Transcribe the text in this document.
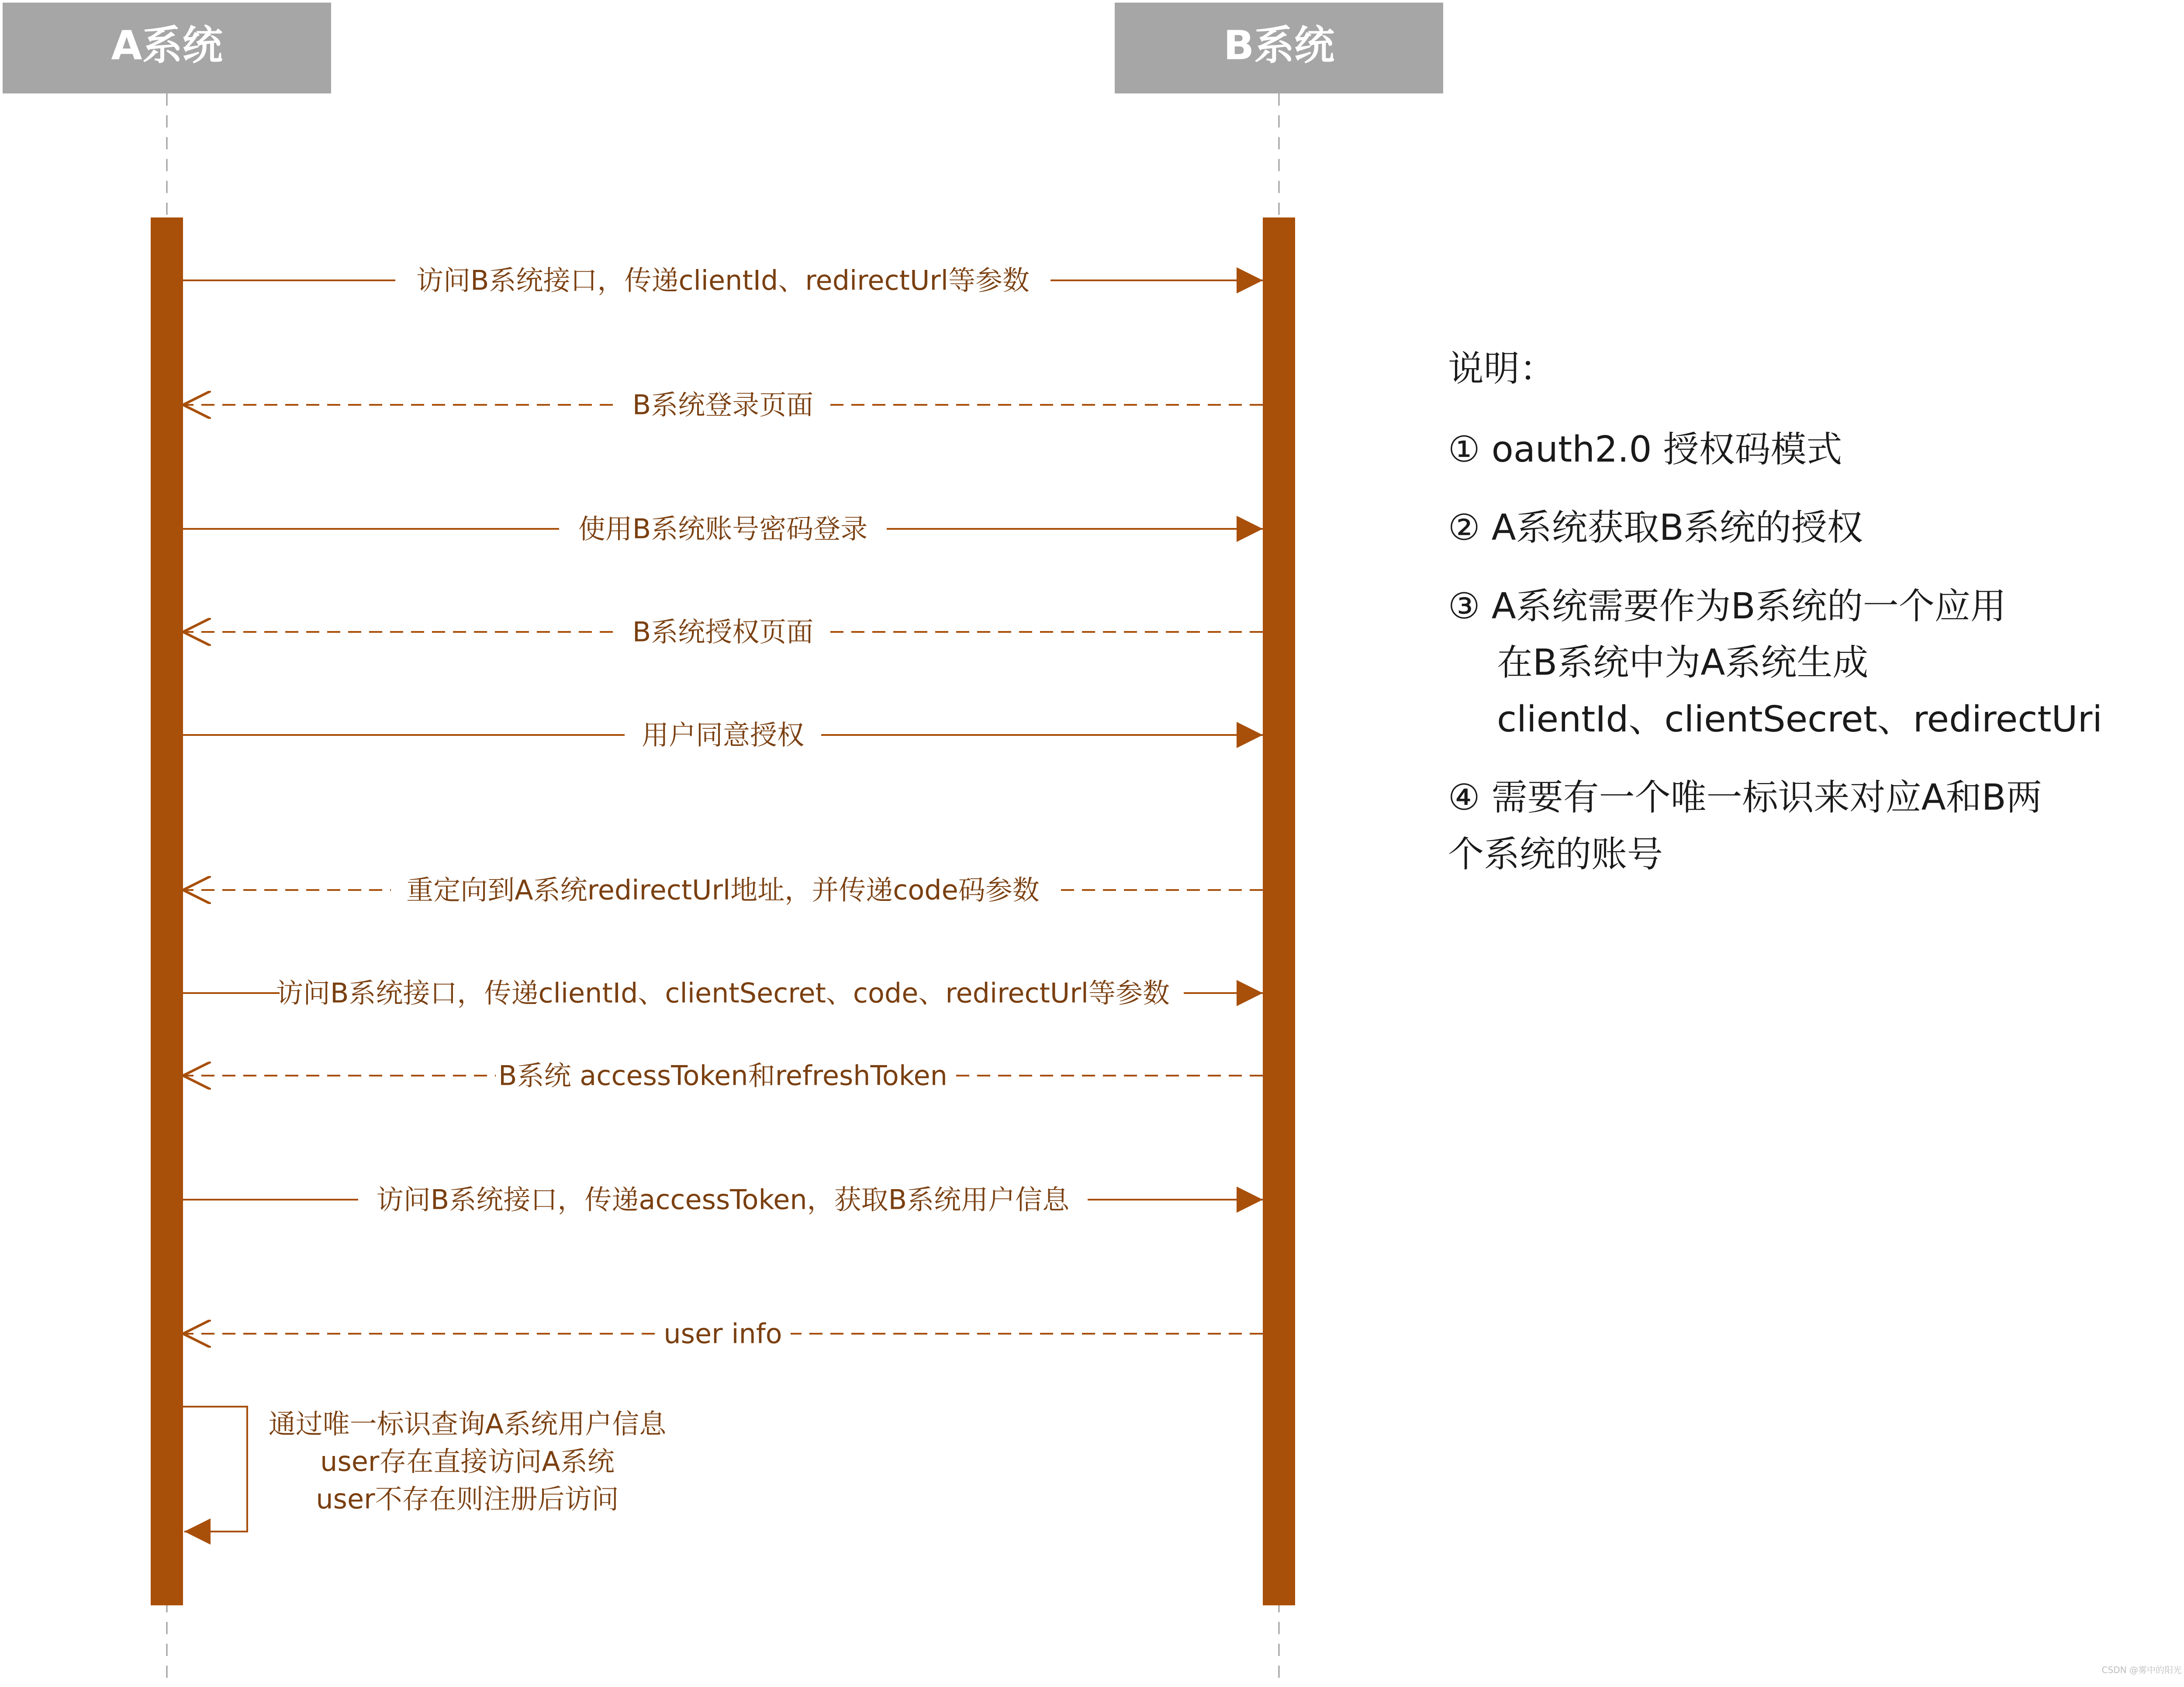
A系统	B系统
访问B系统接口，传递clientId、redirectUrl等参数
B系统登录页面
使用B系统账号密码登录
B系统授权页面
用户同意授权
重定向到A系统redirectUrl地址，并传递code码参数
访问B系统接口，传递clientId、clientSecret、code、redirectUrl等参数
B系统 accessToken和refreshToken
访问B系统接口，传递accessToken，获取B系统用户信息
user info
通过唯一标识查询A系统用户信息
user存在直接访问A系统
user不存在则注册后访问
说明：
① oauth2.0 授权码模式
② A系统获取B系统的授权
③ A系统需要作为B系统的一个应用
在B系统中为A系统生成
clientId、clientSecret、redirectUri
④ 需要有一个唯一标识来对应A和B两
个系统的账号
CSDN @雾中的阳光
